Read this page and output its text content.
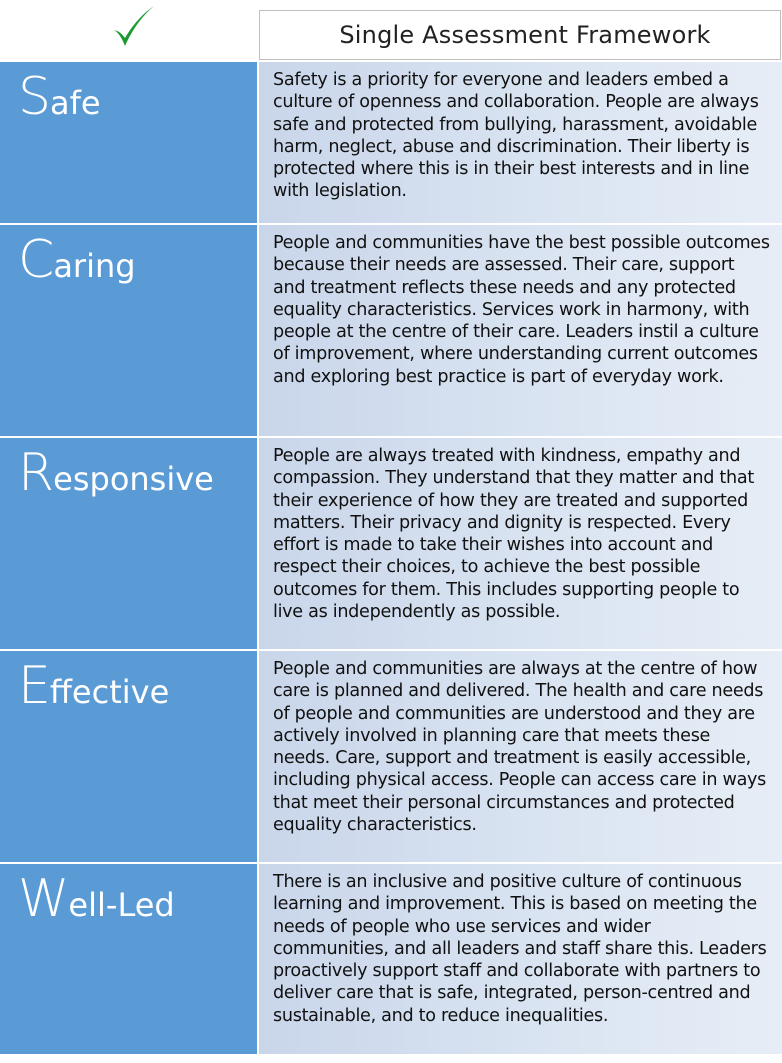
Single Assessment Framework
Safe
Safety is a priority for everyone and leaders embed a culture of openness and collaboration. People are always safe and protected from bullying, harassment, avoidable harm, neglect, abuse and discrimination. Their liberty is protected where this is in their best interests and in line with legislation.
Caring
People and communities have the best possible outcomes because their needs are assessed. Their care, support and treatment reflects these needs and any protected equality characteristics. Services work in harmony, with people at the centre of their care. Leaders instil a culture of improvement, where understanding current outcomes and exploring best practice is part of everyday work.
Responsive
People are always treated with kindness, empathy and compassion. They understand that they matter and that their experience of how they are treated and supported matters. Their privacy and dignity is respected. Every effort is made to take their wishes into account and respect their choices, to achieve the best possible outcomes for them. This includes supporting people to live as independently as possible.
Effective
People and communities are always at the centre of how care is planned and delivered. The health and care needs of people and communities are understood and they are actively involved in planning care that meets these needs. Care, support and treatment is easily accessible, including physical access. People can access care in ways that meet their personal circumstances and protected equality characteristics.
Well-Led
There is an inclusive and positive culture of continuous learning and improvement. This is based on meeting the needs of people who use services and wider communities, and all leaders and staff share this. Leaders proactively support staff and collaborate with partners to deliver care that is safe, integrated, person-centred and sustainable, and to reduce inequalities.
